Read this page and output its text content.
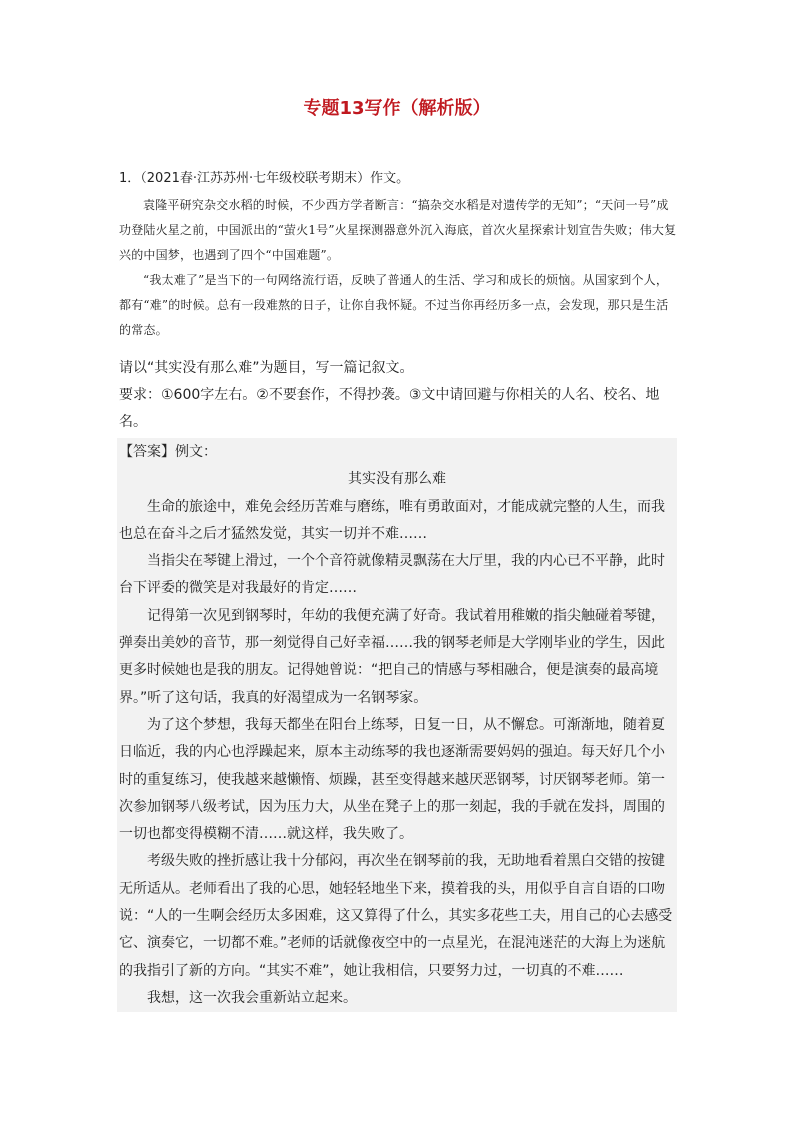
专题13写作（解析版）
1．（2021春·江苏苏州·七年级校联考期末）作文。

袁隆平研究杂交水稻的时候，不少西方学者断言：“搞杂交水稻是对遗传学的无知”；“天问一号”成功登陆火星之前，中国派出的“萤火1号”火星探测器意外沉入海底，首次火星探索计划宣告失败；伟大复兴的中国梦，也遇到了四个“中国难题”。

“我太难了”是当下的一句网络流行语，反映了普通人的生活、学习和成长的烦恼。从国家到个人，都有“难”的时候。总有一段难熬的日子，让你自我怀疑。不过当你再经历多一点，会发现，那只是生活的常态。

请以“其实没有那么难”为题目，写一篇记叙文。

要求：①600字左右。②不要套作，不得抄袭。③文中请回避与你相关的人名、校名、地名。

【答案】例文：

其实没有那么难

生命的旅途中，难免会经历苦难与磨练，唯有勇敢面对，才能成就完整的人生，而我也总在奋斗之后才猛然发觉，其实一切并不难……

当指尖在琴键上滑过，一个个音符就像精灵飘荡在大厅里，我的内心已不平静，此时台下评委的微笑是对我最好的肯定……

记得第一次见到钢琴时，年幼的我便充满了好奇。我试着用稚嫩的指尖触碰着琴键，弹奏出美妙的音节，那一刻觉得自己好幸福……我的钢琴老师是大学刚毕业的学生，因此更多时候她也是我的朋友。记得她曾说：“把自己的情感与琴相融合，便是演奏的最高境界。”听了这句话，我真的好渴望成为一名钢琴家。

为了这个梦想，我每天都坐在阳台上练琴，日复一日，从不懈怠。可渐渐地，随着夏日临近，我的内心也浮躁起来，原本主动练琴的我也逐渐需要妈妈的强迫。每天好几个小时的重复练习，使我越来越懒惰、烦躁，甚至变得越来越厌恶钢琴，讨厌钢琴老师。第一次参加钢琴八级考试，因为压力大，从坐在凳子上的那一刻起，我的手就在发抖，周围的一切也都变得模糊不清……就这样，我失败了。

考级失败的挫折感让我十分郁闷，再次坐在钢琴前的我，无助地看着黑白交错的按键无所适从。老师看出了我的心思，她轻轻地坐下来，摸着我的头，用似乎自言自语的口吻说：“人的一生啊会经历太多困难，这又算得了什么，其实多花些工夫，用自己的心去感受它、演奏它，一切都不难。”老师的话就像夜空中的一点星光，在混沌迷茫的大海上为迷航的我指引了新的方向。“其实不难”，她让我相信，只要努力过，一切真的不难……

我想，这一次我会重新站立起来。
